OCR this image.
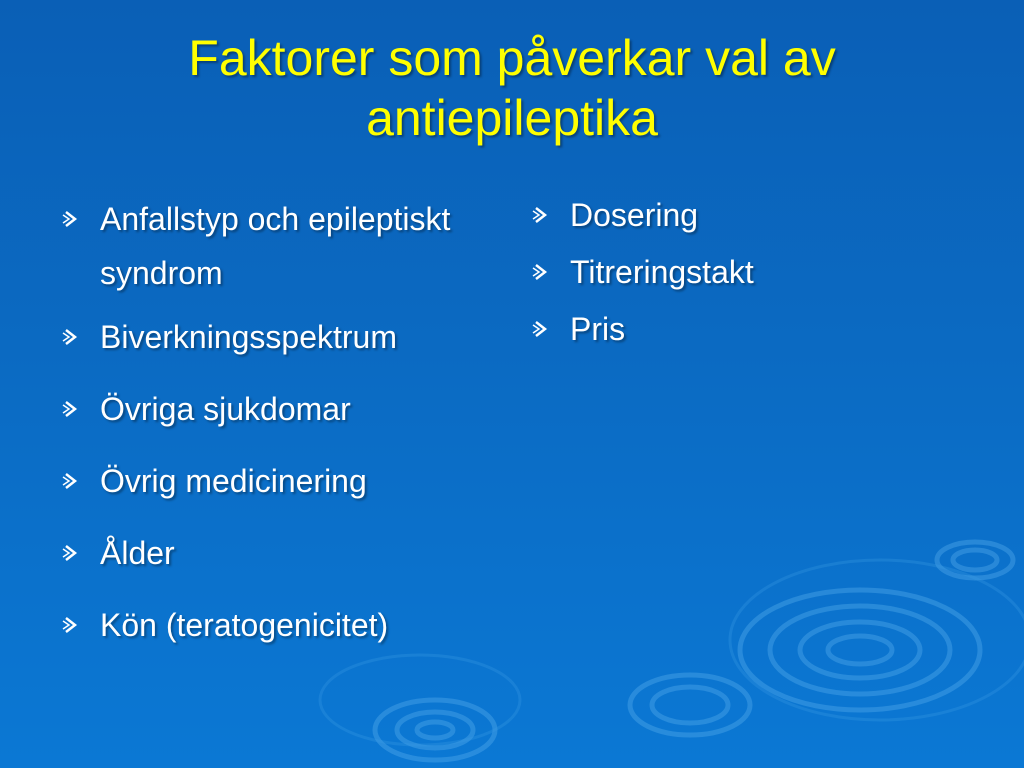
Faktorer som påverkar val av antiepileptika
Anfallstyp och epileptiskt syndrom
Biverkningsspektrum
Övriga sjukdomar
Övrig medicinering
Ålder
Kön (teratogenicitet)
Dosering
Titreringstakt
Pris
